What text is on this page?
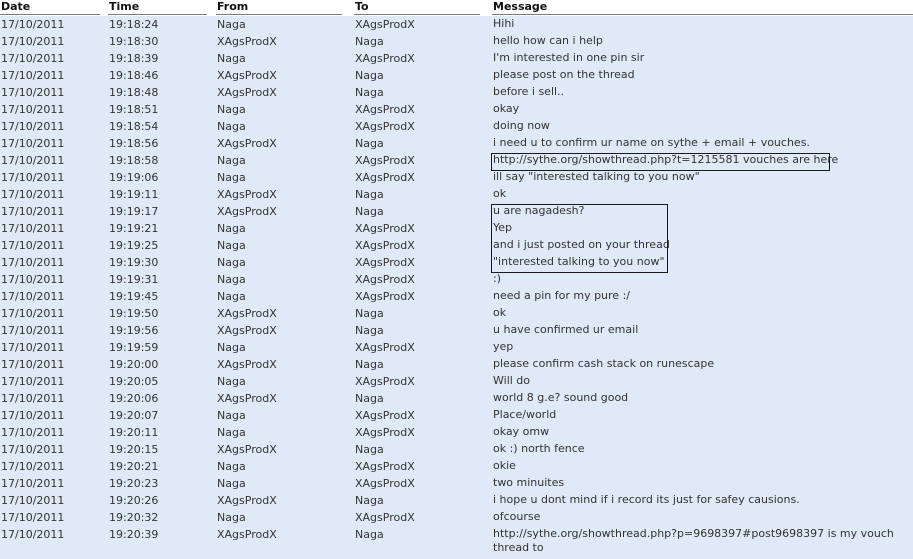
Date	Time	From	To	Message
17/10/2011	19:18:24	Naga	XAgsProdX	Hihi
17/10/2011	19:18:30	XAgsProdX	Naga	hello how can i help
17/10/2011	19:18:39	Naga	XAgsProdX	I'm interested in one pin sir
17/10/2011	19:18:46	XAgsProdX	Naga	please post on the thread
17/10/2011	19:18:48	XAgsProdX	Naga	before i sell..
17/10/2011	19:18:51	Naga	XAgsProdX	okay
17/10/2011	19:18:54	Naga	XAgsProdX	doing now
17/10/2011	19:18:56	XAgsProdX	Naga	i need u to confirm ur name on sythe + email + vouches.
17/10/2011	19:18:58	Naga	XAgsProdX	http://sythe.org/showthread.php?t=1215581 vouches are here
17/10/2011	19:19:06	Naga	XAgsProdX	ill say "interested talking to you now"
17/10/2011	19:19:11	XAgsProdX	Naga	ok
17/10/2011	19:19:17	XAgsProdX	Naga	u are nagadesh?
17/10/2011	19:19:21	Naga	XAgsProdX	Yep
17/10/2011	19:19:25	Naga	XAgsProdX	and i just posted on your thread
17/10/2011	19:19:30	Naga	XAgsProdX	"interested talking to you now"
17/10/2011	19:19:31	Naga	XAgsProdX	:)
17/10/2011	19:19:45	Naga	XAgsProdX	need a pin for my pure :/
17/10/2011	19:19:50	XAgsProdX	Naga	ok
17/10/2011	19:19:56	XAgsProdX	Naga	u have confirmed ur email
17/10/2011	19:19:59	Naga	XAgsProdX	yep
17/10/2011	19:20:00	XAgsProdX	Naga	please confirm cash stack on runescape
17/10/2011	19:20:05	Naga	XAgsProdX	Will do
17/10/2011	19:20:06	XAgsProdX	Naga	world 8 g.e? sound good
17/10/2011	19:20:07	Naga	XAgsProdX	Place/world
17/10/2011	19:20:11	Naga	XAgsProdX	okay omw
17/10/2011	19:20:15	XAgsProdX	Naga	ok :) north fence
17/10/2011	19:20:21	Naga	XAgsProdX	okie
17/10/2011	19:20:23	Naga	XAgsProdX	two minuites
17/10/2011	19:20:26	XAgsProdX	Naga	i hope u dont mind if i record its just for safey causions.
17/10/2011	19:20:32	Naga	XAgsProdX	ofcourse
17/10/2011	19:20:39	XAgsProdX	Naga	http://sythe.org/showthread.php?p=9698397#post9698397 is my vouch thread to
